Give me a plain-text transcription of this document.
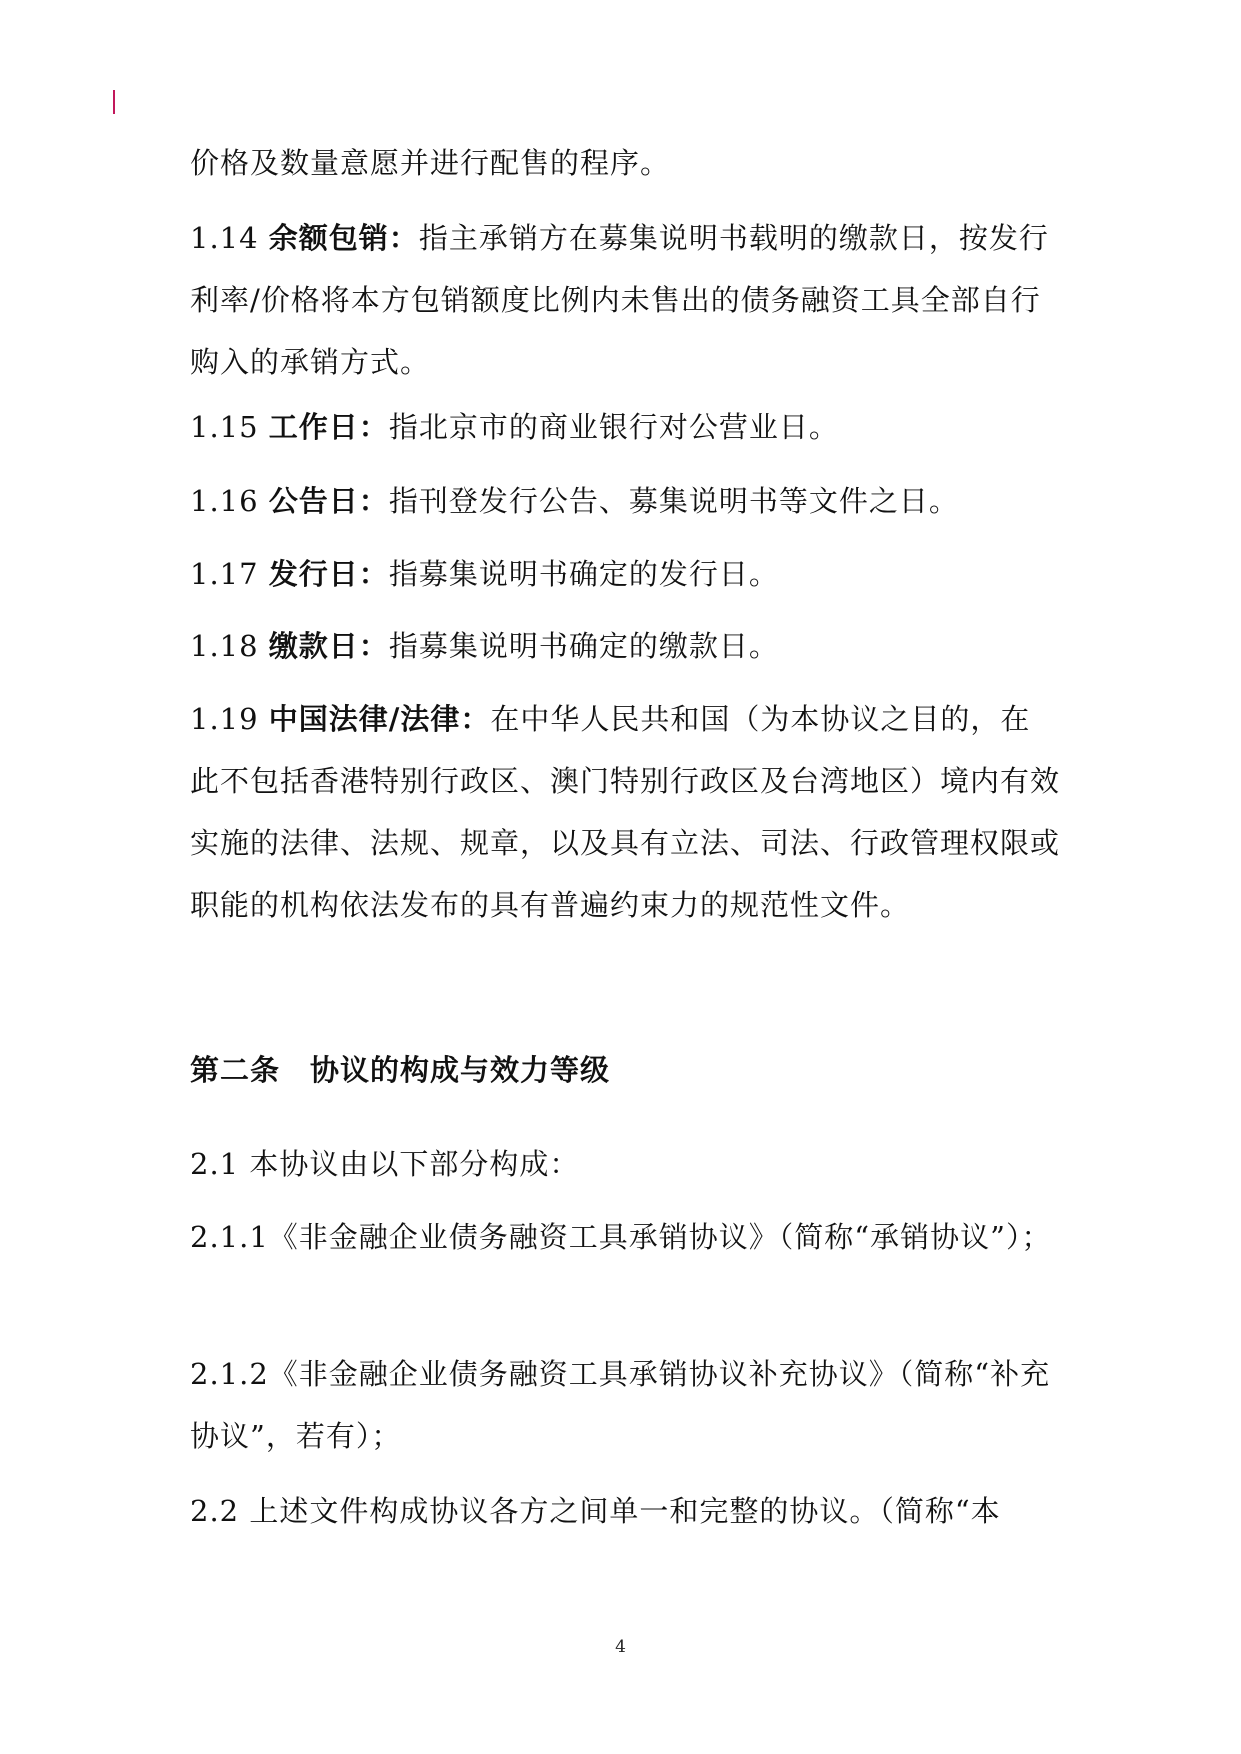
价格及数量意愿并进行配售的程序。

1.14 余额包销：指主承销方在募集说明书载明的缴款日，按发行利率/价格将本方包销额度比例内未售出的债务融资工具全部自行购入的承销方式。

1.15 工作日：指北京市的商业银行对公营业日。

1.16 公告日：指刊登发行公告、募集说明书等文件之日。

1.17 发行日：指募集说明书确定的发行日。

1.18 缴款日：指募集说明书确定的缴款日。

1.19 中国法律/法律：在中华人民共和国（为本协议之目的，在此不包括香港特别行政区、澳门特别行政区及台湾地区）境内有效实施的法律、法规、规章，以及具有立法、司法、行政管理权限或职能的机构依法发布的具有普遍约束力的规范性文件。

第二条　协议的构成与效力等级

2.1 本协议由以下部分构成：

2.1.1《非金融企业债务融资工具承销协议》（简称“承销协议”）；

2.1.2《非金融企业债务融资工具承销协议补充协议》（简称“补充协议”，若有）；

2.2 上述文件构成协议各方之间单一和完整的协议。（简称“本

4
